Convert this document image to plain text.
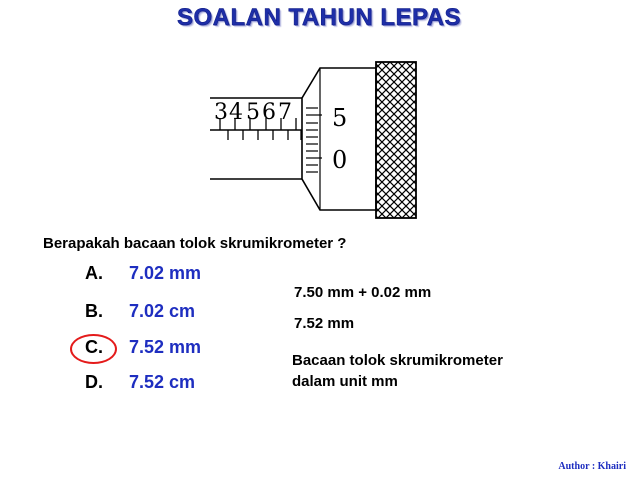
SOALAN TAHUN LEPAS
3 4 5 6 7 5
0
Berapakah bacaan tolok skrumikrometer ?
A. 7.02 mm
B. 7.02 cm
C. 7.52 mm
D. 7.52 cm
7.50 mm + 0.02 mm
7.52 mm
Bacaan tolok skrumikrometer
dalam unit mm
Author : Khairi
